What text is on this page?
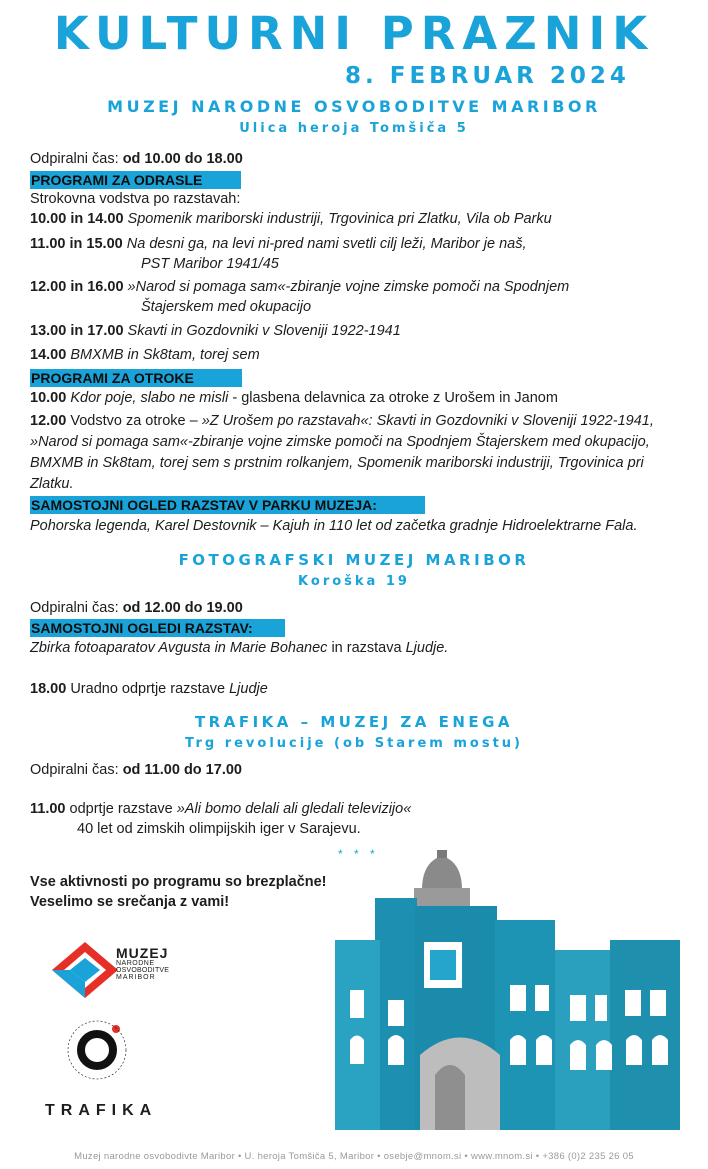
KULTURNI PRAZNIK
8. FEBRUAR 2024
MUZEJ NARODNE OSVOBODITVE MARIBOR
Ulica heroja Tomšiča 5
Odpiralni čas: od 10.00 do 18.00
PROGRAMI ZA ODRASLE
Strokovna vodstva po razstavah:
10.00 in 14.00 Spomenik mariborski industriji, Trgovinica pri Zlatku, Vila ob Parku
11.00 in 15.00 Na desni ga, na levi ni-pred nami svetli cilj leži, Maribor je naš,
PST Maribor 1941/45
12.00 in 16.00 »Narod si pomaga sam«-zbiranje vojne zimske pomoči na Spodnjem
Štajerskem med okupacijo
13.00 in 17.00 Skavti in Gozdovniki v Sloveniji 1922-1941
14.00 BMXMB in Sk8tam, torej sem
PROGRAMI ZA OTROKE
10.00 Kdor poje, slabo ne misli - glasbena delavnica za otroke z Urošem in Janom
12.00 Vodstvo za otroke – »Z Urošem po razstavah«: Skavti in Gozdovniki v Sloveniji 1922-1941, »Narod si pomaga sam«-zbiranje vojne zimske pomoči na Spodnjem Štajerskem med okupacijo, BMXMB in Sk8tam, torej sem s prstnim rolkanjem, Spomenik mariborski industriji, Trgovinica pri Zlatku.
SAMOSTOJNI OGLED RAZSTAV V PARKU MUZEJA:
Pohorska legenda, Karel Destovnik – Kajuh in 110 let od začetka gradnje Hidroelektrarne Fala.
FOTOGRAFSKI MUZEJ MARIBOR
Koroška 19
Odpiralni čas: od 12.00 do 19.00
SAMOSTOJNI OGLEDI RAZSTAV:
Zbirka fotoaparatov Avgusta in Marie Bohanec in razstava Ljudje.
18.00 Uradno odprtje razstave Ljudje
TRAFIKA – MUZEJ ZA ENEGA
Trg revolucije (ob Starem mostu)
Odpiralni čas: od 11.00 do 17.00
11.00 odprtje razstave »Ali bomo delali ali gledali televizijo«
40 let od zimskih olimpijskih iger v Sarajevu.
* * *
Vse aktivnosti po programu so brezplačne!
Veselimo se srečanja z vami!
MUZEJ
NARODNE
OSVOBODITVE
MARIBOR
TRAFIKA
Muzej narodne osvobodivte Maribor • U. heroja Tomšiča 5, Maribor • osebje@mnom.si • www.mnom.si • +386 (0)2 235 26 05
